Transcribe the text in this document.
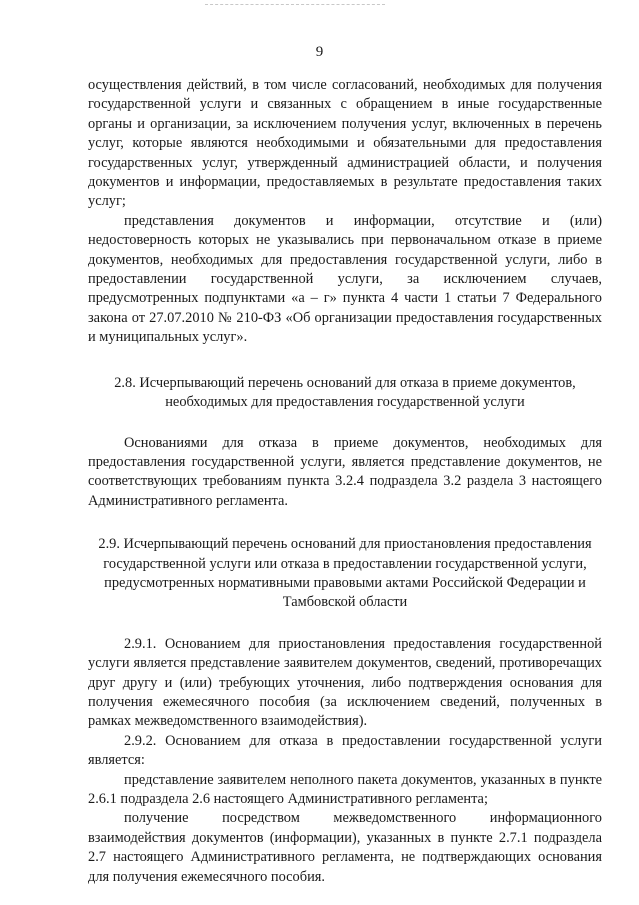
9

осуществления действий, в том числе согласований, необходимых для получения государственной услуги и связанных с обращением в иные государственные органы и организации, за исключением получения услуг, включенных в перечень услуг, которые являются необходимыми и обязательными для предоставления государственных услуг, утвержденный администрацией области, и получения документов и информации, предоставляемых в результате предоставления таких услуг;

представления документов и информации, отсутствие и (или) недостоверность которых не указывались при первоначальном отказе в приеме документов, необходимых для предоставления государственной услуги, либо в предоставлении государственной услуги, за исключением случаев, предусмотренных подпунктами «а – г» пункта 4 части 1 статьи 7 Федерального закона от 27.07.2010 № 210-ФЗ «Об организации предоставления государственных и муниципальных услуг».

2.8. Исчерпывающий перечень оснований для отказа в приеме документов, необходимых для предоставления государственной услуги

Основаниями для отказа в приеме документов, необходимых для предоставления государственной услуги, является представление документов, не соответствующих требованиям пункта 3.2.4 подраздела 3.2 раздела 3 настоящего Административного регламента.

2.9. Исчерпывающий перечень оснований для приостановления предоставления государственной услуги или отказа в предоставлении государственной услуги, предусмотренных нормативными правовыми актами Российской Федерации и Тамбовской области

2.9.1. Основанием для приостановления предоставления государственной услуги является представление заявителем документов, сведений, противоречащих друг другу и (или) требующих уточнения, либо подтверждения основания для получения ежемесячного пособия (за исключением сведений, полученных в рамках межведомственного взаимодействия).

2.9.2. Основанием для отказа в предоставлении государственной услуги является:

представление заявителем неполного пакета документов, указанных в пункте 2.6.1 подраздела 2.6 настоящего Административного регламента;

получение посредством межведомственного информационного взаимодействия документов (информации), указанных в пункте 2.7.1 подраздела 2.7 настоящего Административного регламента, не подтверждающих основания для получения ежемесячного пособия.
